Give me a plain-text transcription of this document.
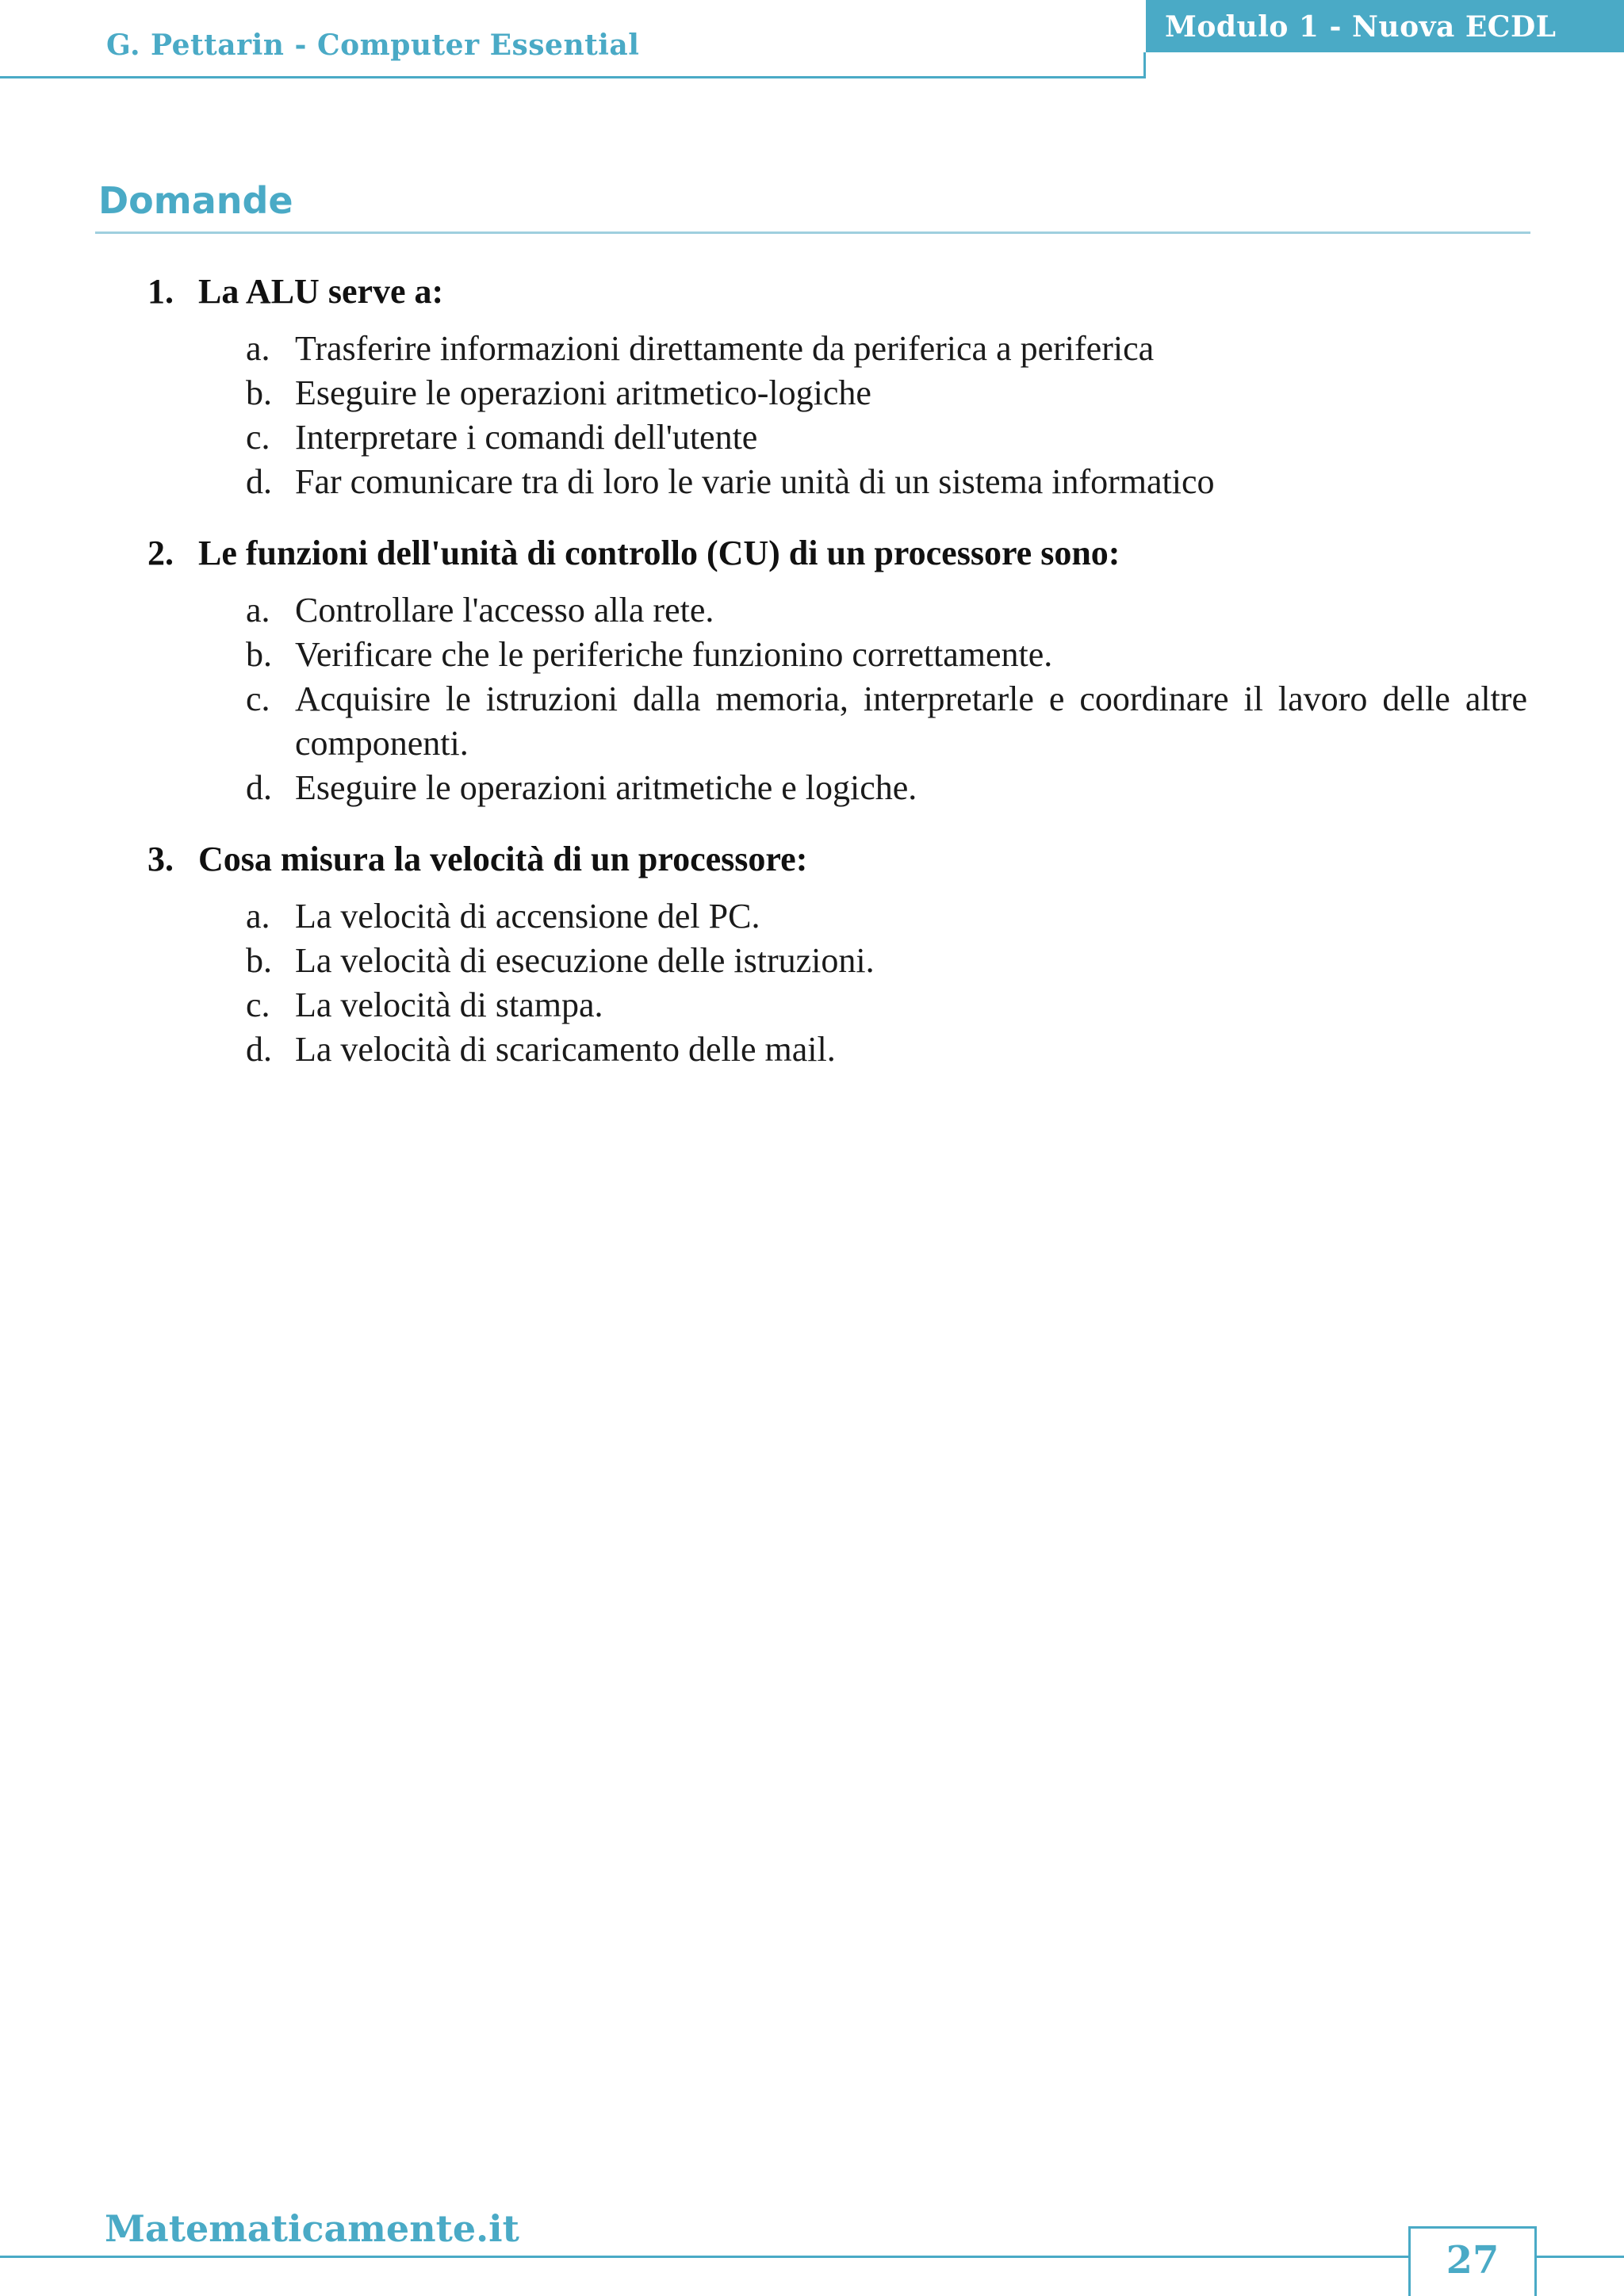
G. Pettarin - Computer Essential
Modulo 1 - Nuova ECDL
Domande
1. La ALU serve a:
a. Trasferire informazioni direttamente da periferica a periferica
b. Eseguire le operazioni aritmetico-logiche
c. Interpretare i comandi dell'utente
d. Far comunicare tra di loro le varie unità di un sistema informatico
2. Le funzioni dell'unità di controllo (CU) di un processore sono:
a. Controllare l'accesso alla rete.
b. Verificare che le periferiche funzionino correttamente.
c. Acquisire le istruzioni dalla memoria, interpretarle e coordinare il lavoro delle altre componenti.
d. Eseguire le operazioni aritmetiche e logiche.
3. Cosa misura la velocità di un processore:
a. La velocità di accensione del PC.
b. La velocità di esecuzione delle istruzioni.
c. La velocità di stampa.
d. La velocità di scaricamento delle mail.
Matematicamente.it
27
